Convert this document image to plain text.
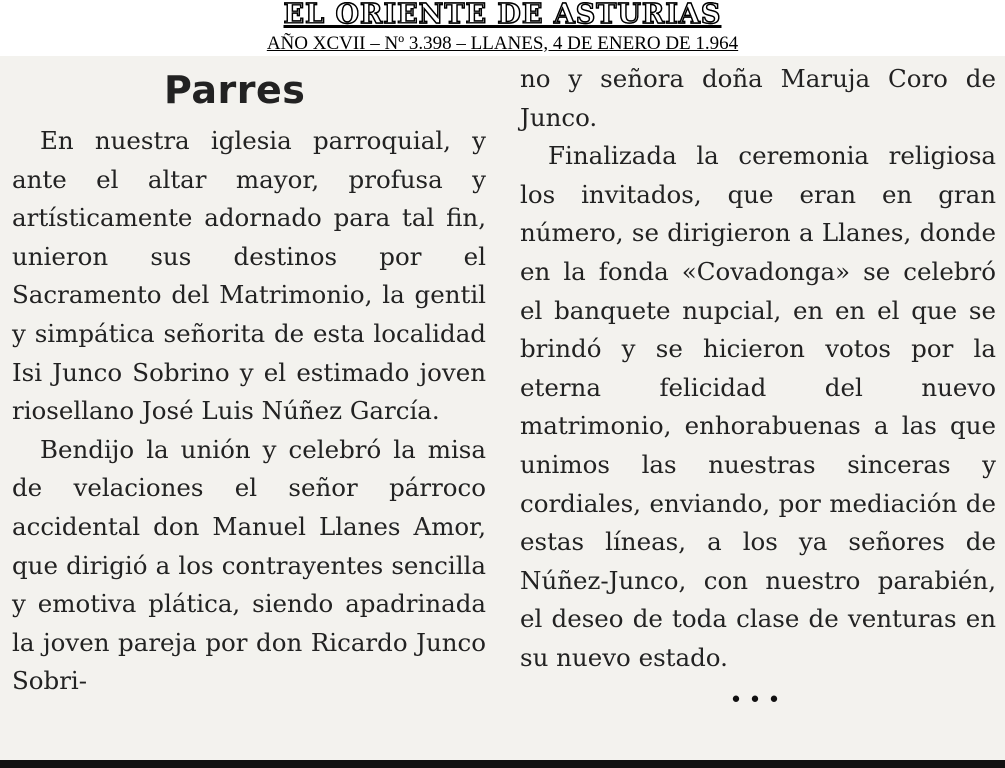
EL ORIENTE DE ASTURIAS
AÑO XCVII – Nº 3.398 – LLANES, 4 DE ENERO DE 1.964
Parres

En nuestra iglesia parroquial, y ante el altar mayor, profusa y artísticamente adornado para tal fin, unieron sus destinos por el Sacramento del Matrimonio, la gentil y simpática señorita de esta localidad Isi Junco Sobrino y el estimado joven riosellano José Luis Núñez García.

Bendijo la unión y celebró la misa de velaciones el señor párroco accidental don Manuel Llanes Amor, que dirigió a los contrayentes sencilla y emotiva plática, siendo apadrinada la joven pareja por don Ricardo Junco Sobri-

no y señora doña Maruja Coro de Junco.

Finalizada la ceremonia religiosa los invitados, que eran en gran número, se dirigieron a Llanes, donde en la fonda «Covadonga» se celebró el banquete nupcial, en en el que se brindó y se hicieron votos por la eterna felicidad del nuevo matrimonio, enhorabuenas a las que unimos las nuestras sinceras y cordiales, enviando, por mediación de estas líneas, a los ya señores de Núñez-Junco, con nuestro parabién, el deseo de toda clase de venturas en su nuevo estado.

•••
